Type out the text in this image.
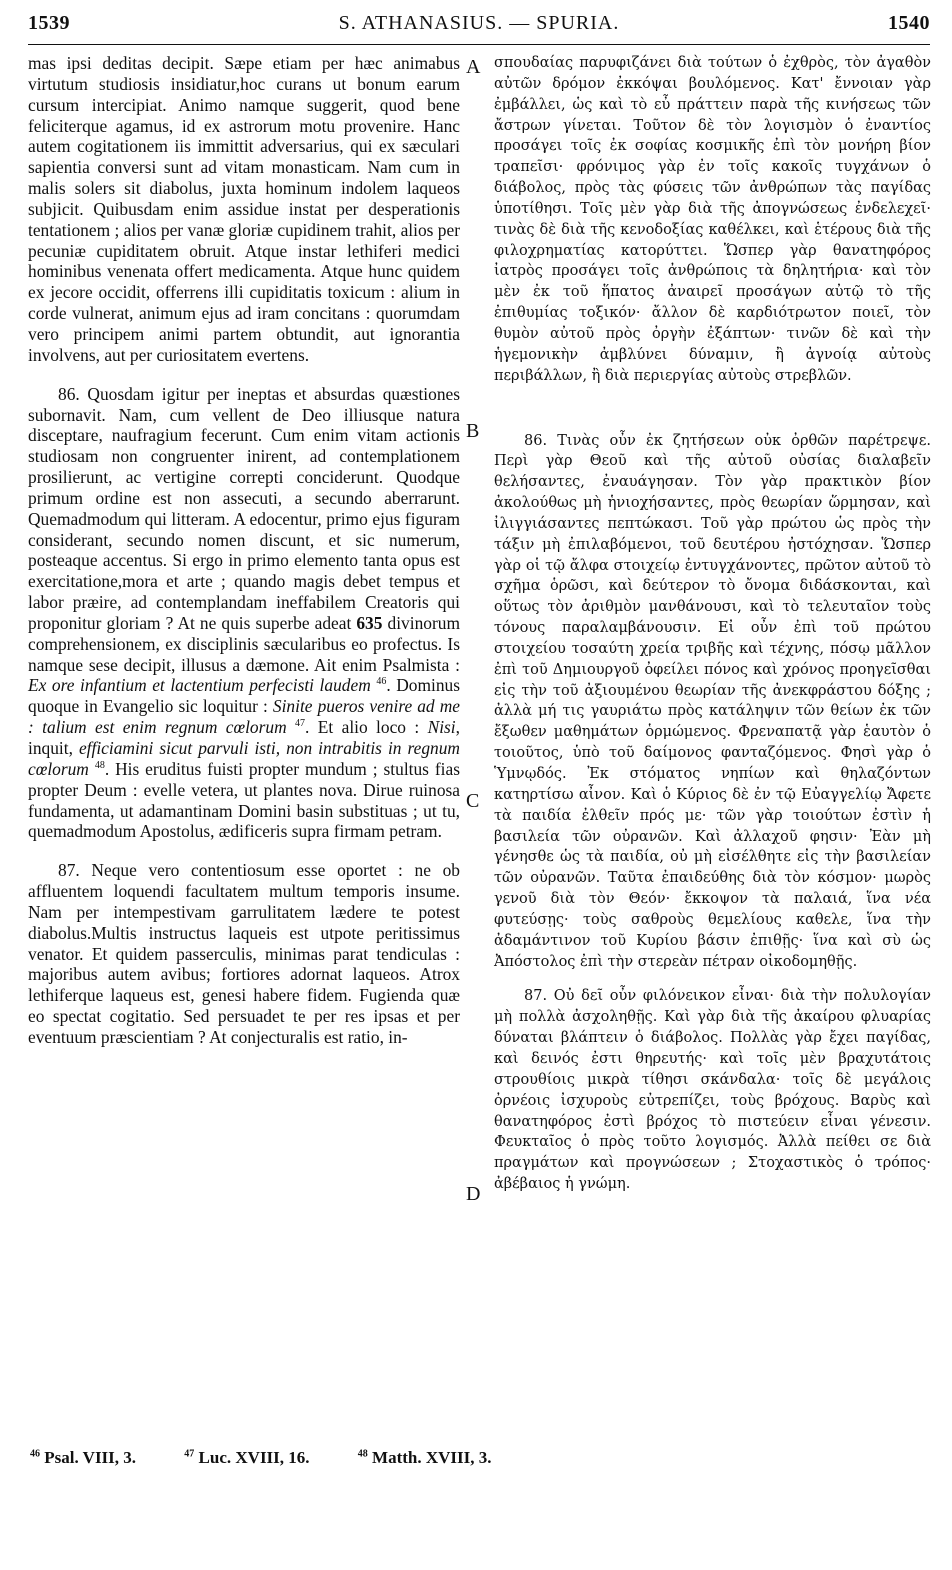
1539	S. ATHANASIUS. — SPURIA.	1540

mas ipsi deditas decipit. Sæpe etiam per hæc animabus virtutum studiosis insidiatur,hoc curans ut bonum earum cursum intercipiat. Animo namque suggerit, quod bene feliciterque agamus, id ex astrorum motu provenire. Hanc autem cogitationem iis immittit adversarius, qui ex sæculari sapientia conversi sunt ad vitam monasticam. Nam cum in malis solers sit diabolus, juxta hominum indolem laqueos subjicit. Quibusdam enim assidue instat per desperationis tentationem ; alios per vanæ gloriæ cupidinem trahit, alios per pecuniæ cupiditatem obruit. Atque instar lethiferi medici hominibus venenata offert medicamenta. Atque hunc quidem ex jecore occidit, offerrens illi cupiditatis toxicum : alium in corde vulnerat, animum ejus ad iram concitans : quorumdam vero principem animi partem obtundit, aut ignorantia involvens, aut per curiositatem evertens.

86. Quosdam igitur per ineptas et absurdas quæstiones subornavit. Nam, cum vellent de Deo illiusque natura disceptare, naufragium fecerunt. Cum enim vitam actionis studiosam non congruenter inirent, ad contemplationem prosilierunt, ac vertigine correpti conciderunt. Quodque primum ordine est non assecuti, a secundo aberrarunt. Quemadmodum qui litteram. A edocentur, primo ejus figuram considerant, secundo nomen discunt, et sic numerum, posteaque accentus. Si ergo in primo elemento tanta opus est exercitatione,mora et arte ; quando magis debet tempus et labor præire, ad contemplandam ineffabilem Creatoris qui proponitur gloriam ? At ne quis superbe adeat 635 divinorum comprehensionem, ex disciplinis sæcularibus eo profectus. Is namque sese decipit, illusus a dæmone. Ait enim Psalmista : Ex ore infantium et lactentium perfecisti laudem $^{46}$. Dominus quoque in Evangelio sic loquitur : Sinite pueros venire ad me : talium est enim regnum cœlorum $^{47}$. Et alio loco : Nisi, inquit, efficiamini sicut parvuli isti, non intrabitis in regnum cœlorum $^{48}$. His eruditus fuisti propter mundum ; stultus fias propter Deum : evelle vetera, ut plantes nova. Dirue ruinosa fundamenta, ut adamantinam Domini basin substituas ; ut tu, quemadmodum Apostolus, ædificeris supra firmam petram.

87. Neque vero contentiosum esse oportet : ne ob affluentem loquendi facultatem multum temporis insume. Nam per intempestivam garrulitatem lædere te potest diabolus.Multis instructus laqueis est utpote peritissimus venator. Et quidem passerculis, minimas parat tendiculas : majoribus autem avibus; fortiores adornat laqueos. Atrox lethiferque laqueus est, genesi habere fidem. Fugienda quæ eo spectat cogitatio. Sed persuadet te per res ipsas et per eventuum præscientiam ? At conjecturalis est ratio, in-

A
B
C
D

σπουδαίας παρυφιζάνει διὰ τούτων ὁ ἐχθρὸς, τὸν ἀγαθὸν αὐτῶν δρόμον ἐκκόψαι βουλόμενος. Κατ' ἔννοιαν γὰρ ἐμβάλλει, ὡς καὶ τὸ εὖ πράττειν παρὰ τῆς κινήσεως τῶν ἄστρων γίνεται. Τοῦτον δὲ τὸν λογισμὸν ὁ ἐναντίος προσάγει τοῖς ἐκ σοφίας κοσμικῆς ἐπὶ τὸν μονήρη βίον τραπεῖσι· φρόνιμος γὰρ ἐν τοῖς κακοῖς τυγχάνων ὁ διάβολος, πρὸς τὰς φύσεις τῶν ἀνθρώπων τὰς παγίδας ὑποτίθησι. Τοῖς μὲν γὰρ διὰ τῆς ἀπογνώσεως ἐνδελεχεῖ· τινὰς δὲ διὰ τῆς κενοδοξίας καθέλκει, καὶ ἑτέρους διὰ τῆς φιλοχρηματίας κατορύττει. Ὥσπερ γὰρ θανατηφόρος ἰατρὸς προσάγει τοῖς ἀνθρώποις τὰ δηλητήρια· καὶ τὸν μὲν ἐκ τοῦ ἥπατος ἀναιρεῖ προσάγων αὐτῷ τὸ τῆς ἐπιθυμίας τοξικόν· ἄλλον δὲ καρδιότρωτον ποιεῖ, τὸν θυμὸν αὐτοῦ πρὸς ὀργὴν ἐξάπτων· τινῶν δὲ καὶ τὴν ἡγεμονικὴν ἀμβλύνει δύναμιν, ἢ ἀγνοίᾳ αὐτοὺς περιβάλλων, ἢ διὰ περιεργίας αὐτοὺς στρεβλῶν.

86. Τινὰς οὖν ἐκ ζητήσεων οὐκ ὀρθῶν παρέτρεψε. Περὶ γὰρ Θεοῦ καὶ τῆς αὐτοῦ οὐσίας διαλαβεῖν θελήσαντες, ἐναυάγησαν. Τὸν γὰρ πρακτικὸν βίον ἀκολούθως μὴ ἡνιοχήσαντες, πρὸς θεωρίαν ὥρμησαν, καὶ ἰλιγγιάσαντες πεπτώκασι. Τοῦ γὰρ πρώτου ὡς πρὸς τὴν τάξιν μὴ ἐπιλαβόμενοι, τοῦ δευτέρου ἠστόχησαν. Ὥσπερ γὰρ οἱ τῷ ἄλφα στοιχείῳ ἐντυγχάνοντες, πρῶτον αὐτοῦ τὸ σχῆμα ὁρῶσι, καὶ δεύτερον τὸ ὄνομα διδάσκονται, καὶ οὕτως τὸν ἀριθμὸν μανθάνουσι, καὶ τὸ τελευταῖον τοὺς τόνους παραλαμβάνουσιν. Εἰ οὖν ἐπὶ τοῦ πρώτου στοιχείου τοσαύτη χρεία τριβῆς καὶ τέχνης, πόσῳ μᾶλλον ἐπὶ τοῦ Δημιουργοῦ ὀφείλει πόνος καὶ χρόνος προηγεῖσθαι εἰς τὴν τοῦ ἀξιουμένου θεωρίαν τῆς ἀνεκφράστου δόξης ; ἀλλὰ μή τις γαυριάτω πρὸς κατάληψιν τῶν θείων ἐκ τῶν ἔξωθεν μαθημάτων ὁρμώμενος. Φρεναπατᾷ γὰρ ἑαυτὸν ὁ τοιοῦτος, ὑπὸ τοῦ δαίμονος φανταζόμενος. Φησὶ γὰρ ὁ Ὑμνῳδός. Ἐκ στόματος νηπίων καὶ θηλαζόντων κατηρτίσω αἶνον. Καὶ ὁ Κύριος δὲ ἐν τῷ Εὐαγγελίῳ Ἄφετε τὰ παιδία ἐλθεῖν πρός με· τῶν γὰρ τοιούτων ἐστὶν ἡ βασιλεία τῶν οὐρανῶν. Καὶ ἀλλαχοῦ φησιν· Ἐὰν μὴ γένησθε ὡς τὰ παιδία, οὐ μὴ εἰσέλθητε εἰς τὴν βασιλείαν τῶν οὐρανῶν. Ταῦτα ἐπαιδεύθης διὰ τὸν κόσμον· μωρὸς γενοῦ διὰ τὸν Θεόν· ἔκκοψον τὰ παλαιά, ἵνα νέα φυτεύσῃς· τοὺς σαθροὺς θεμελίους καθελε, ἵνα τὴν ἀδαμάντινον τοῦ Κυρίου βάσιν ἐπιθῇς· ἵνα καὶ σὺ ὡς Ἀπόστολος ἐπὶ τὴν στερεὰν πέτραν οἰκοδομηθῇς.

87. Οὐ δεῖ οὖν φιλόνεικον εἶναι· διὰ τὴν πολυλογίαν μὴ πολλὰ ἀσχοληθῇς. Καὶ γὰρ διὰ τῆς ἀκαίρου φλυαρίας δύναται βλάπτειν ὁ διάβολος. Πολλὰς γὰρ ἔχει παγίδας, καὶ δεινός ἐστι θηρευτής· καὶ τοῖς μὲν βραχυτάτοις στρουθίοις μικρὰ τίθησι σκάνδαλα· τοῖς δὲ μεγάλοις ὀρνέοις ἰσχυροὺς εὐτρεπίζει, τοὺς βρόχους. Βαρὺς καὶ θανατηφόρος ἐστὶ βρόχος τὸ πιστεύειν εἶναι γένεσιν. Φευκταῖος ὁ πρὸς τοῦτο λογισμός. Ἀλλὰ πείθει σε διὰ πραγμάτων καὶ προγνώσεων ; Στοχαστικὸς ὁ τρόπος· ἀβέβαιος ἡ γνώμη.

$^{46}$ Psal. VIII, 3.	$^{47}$ Luc. XVIII, 16.	$^{48}$ Matth. XVIII, 3.
